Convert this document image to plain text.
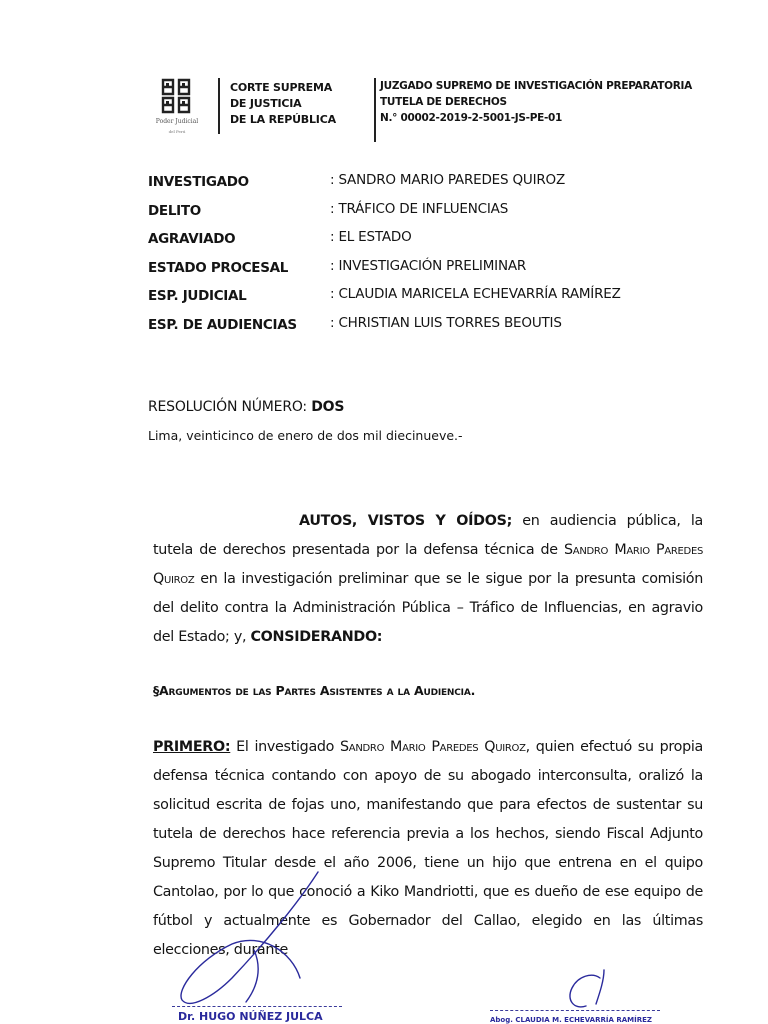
Poder Judicial
del Perú
CORTE SUPREMA
DE JUSTICIA
DE LA REPÚBLICA
JUZGADO SUPREMO DE INVESTIGACIÓN PREPARATORIA
TUTELA DE DERECHOS
N.° 00002-2019-2-5001-JS-PE-01
INVESTIGADO	: SANDRO MARIO PAREDES QUIROZ
DELITO	: TRÁFICO DE INFLUENCIAS
AGRAVIADO	: EL ESTADO
ESTADO PROCESAL	: INVESTIGACIÓN PRELIMINAR
ESP. JUDICIAL	: CLAUDIA MARICELA ECHEVARRÍA RAMÍREZ
ESP. DE AUDIENCIAS : CHRISTIAN LUIS TORRES BEOUTIS
RESOLUCIÓN NÚMERO: DOS
Lima, veinticinco de enero de dos mil diecinueve.-

AUTOS, VISTOS Y OÍDOS; en audiencia pública, la tutela de derechos presentada por la defensa técnica de Sandro Mario Paredes Quiroz en la investigación preliminar que se le sigue por la presunta comisión del delito contra la Administración Pública – Tráfico de Influencias, en agravio del Estado; y, CONSIDERANDO:

§Argumentos de las Partes Asistentes a la Audiencia.

PRIMERO: El investigado Sandro Mario Paredes Quiroz, quien efectuó su propia defensa técnica contando con apoyo de su abogado interconsulta, oralizó la solicitud escrita de fojas uno, manifestando que para efectos de sustentar su tutela de derechos hace referencia previa a los hechos, siendo Fiscal Adjunto Supremo Titular desde el año 2006, tiene un hijo que entrena en el quipo Cantolao, por lo que conoció a Kiko Mandriotti, que es dueño de ese equipo de fútbol y actualmente es Gobernador del Callao, elegido en las últimas elecciones, durante

Dr. HUGO NÚÑEZ JULCA	Abog. CLAUDIA M. ECHEVARRÍA RAMÍREZ
